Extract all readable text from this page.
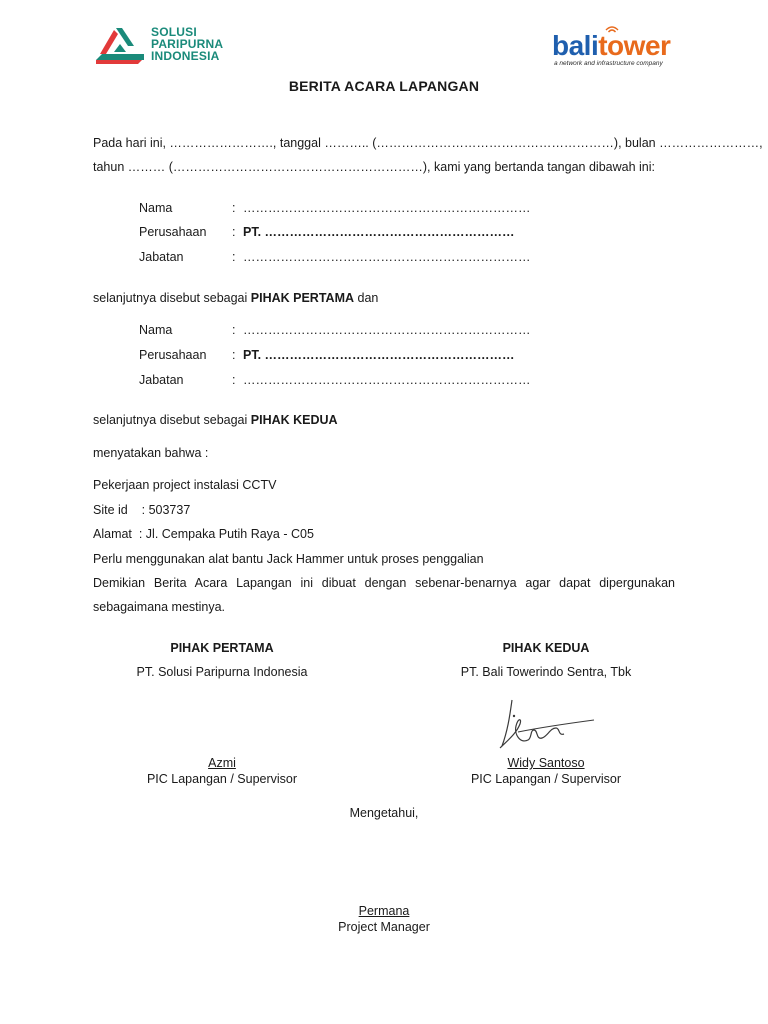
SOLUSI
PARIPURNA
INDONESIA	balitower
a network and infrastructure company
BERITA ACARA LAPANGAN
Pada hari ini, ……………………., tanggal ……….. (…………………………………………………), bulan ……………………,
tahun ……… (……………………………………………………), kami yang bertanda tangan dibawah ini:
Nama	: ……………………………………………………………
Perusahaan : PT. ……………………………………………………
Jabatan	: ……………………………………………………………
selanjutnya disebut sebagai PIHAK PERTAMA dan
Nama	: ……………………………………………………………
Perusahaan : PT. ……………………………………………………
Jabatan	: ……………………………………………………………
selanjutnya disebut sebagai PIHAK KEDUA
menyatakan bahwa :
Pekerjaan project instalasi CCTV
Site id    : 503737
Alamat  : Jl. Cempaka Putih Raya - C05
Perlu menggunakan alat bantu Jack Hammer untuk proses penggalian
Demikian Berita Acara Lapangan ini dibuat dengan sebenar-benarnya agar dapat dipergunakan sebagaimana mestinya.
PIHAK PERTAMA
PT. Solusi Paripurna Indonesia
Azmi
PIC Lapangan / Supervisor
PIHAK KEDUA
PT. Bali Towerindo Sentra, Tbk
Widy Santoso
PIC Lapangan / Supervisor
Mengetahui,
Permana
Project Manager
